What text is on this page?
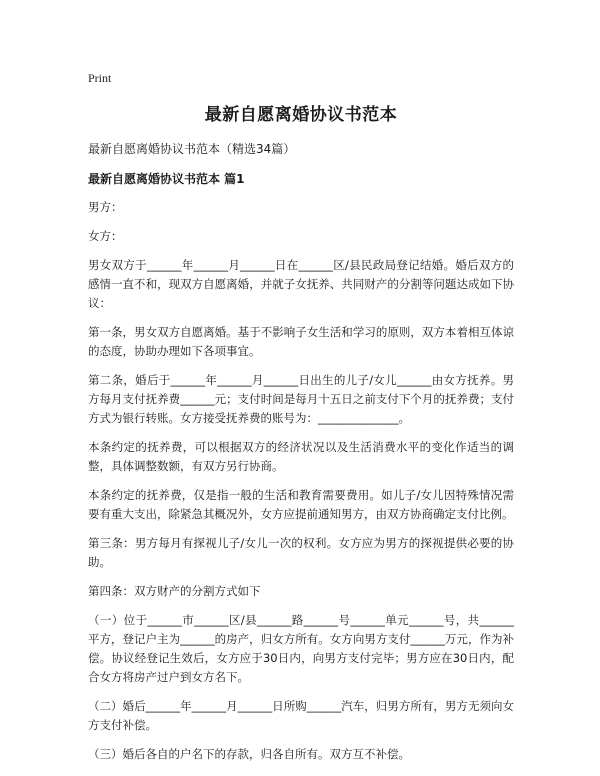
Print
最新自愿离婚协议书范本
最新自愿离婚协议书范本（精选34篇）
最新自愿离婚协议书范本 篇1

男方：

女方：

男女双方于______年______月______日在______区/县民政局登记结婚。婚后双方的感情一直不和，现双方自愿离婚，并就子女抚养、共同财产的分割等问题达成如下协议：

第一条，男女双方自愿离婚。基于不影响子女生活和学习的原则，双方本着相互体谅的态度，协助办理如下各项事宜。

第二条，婚后于______年______月______日出生的儿子/女儿______由女方抚养。男方每月支付抚养费______元；支付时间是每月十五日之前支付下个月的抚养费；支付方式为银行转账。女方接受抚养费的账号为：______________。

本条约定的抚养费，可以根据双方的经济状况以及生活消费水平的变化作适当的调整，具体调整数额，有双方另行协商。

本条约定的抚养费，仅是指一般的生活和教育需要费用。如儿子/女儿因特殊情况需要有重大支出，除紧急其概况外，女方应提前通知男方，由双方协商确定支付比例。

第三条：男方每月有探视儿子/女儿一次的权利。女方应为男方的探视提供必要的协助。

第四条：双方财产的分割方式如下

（一）位于______市______区/县______路______号______单元______号，共______平方，登记户主为______的房产，归女方所有。女方向男方支付______万元，作为补偿。协议经登记生效后，女方应于30日内，向男方支付完毕；男方应在30日内，配合女方将房产过户到女方名下。

（二）婚后______年______月______日所购______汽车，归男方所有，男方无须向女方支付补偿。

（三）婚后各自的户名下的存款，归各自所有。双方互不补偿。
